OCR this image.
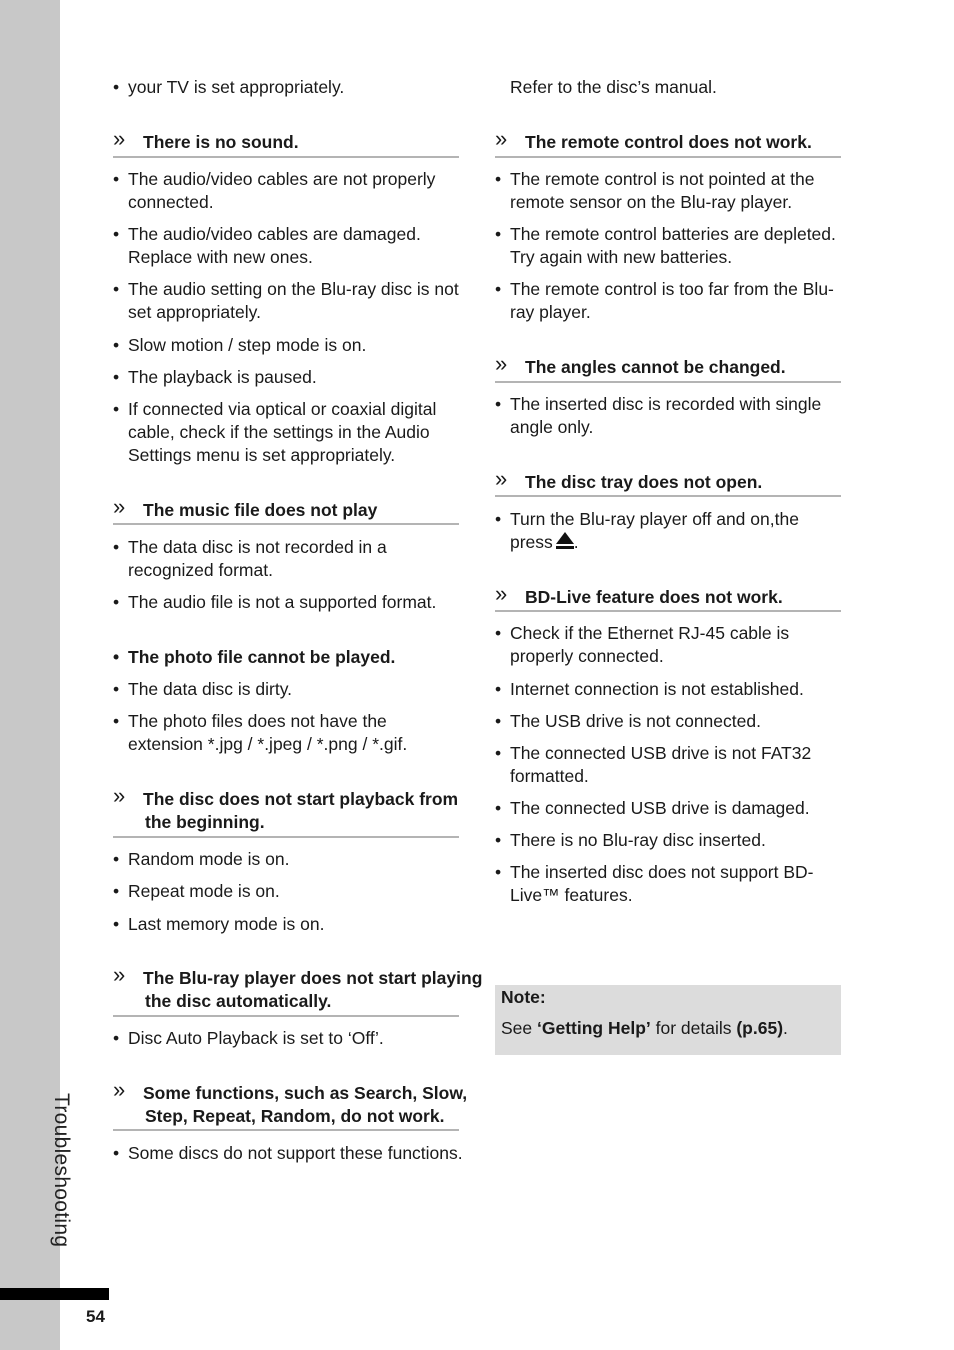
Troubleshooting
54
• your TV is set appropriately.
» There is no sound.
• The audio/video cables are not properly
connected.
• The audio/video cables are damaged.
Replace with new ones.
• The audio setting on the Blu-ray disc is not
set appropriately.
• Slow motion / step mode is on.
• The playback is paused.
• If connected via optical or coaxial digital
cable, check if the settings in the Audio
Settings menu is set appropriately.
» The music file does not play
• The data disc is not recorded in a
recognized format.
• The audio file is not a supported format.
• The photo file cannot be played.
• The data disc is dirty.
• The photo files does not have the
extension *.jpg / *.jpeg / *.png / *.gif.
» The disc does not start playback from
the beginning.
• Random mode is on.
• Repeat mode is on.
• Last memory mode is on.
» The Blu-ray player does not start playing
the disc automatically.
• Disc Auto Playback is set to ‘Off’.
» Some functions, such as Search, Slow,
Step, Repeat, Random, do not work.
• Some discs do not support these functions.
Refer to the disc’s manual.
» The remote control does not work.
• The remote control is not pointed at the
remote sensor on the Blu-ray player.
• The remote control batteries are depleted.
Try again with new batteries.
• The remote control is too far from the Blu-
ray player.
» The angles cannot be changed.
• The inserted disc is recorded with single
angle only.
» The disc tray does not open.
• Turn the Blu-ray player off and on,the
press .
» BD-Live feature does not work.
• Check if the Ethernet RJ-45 cable is
properly connected.
• Internet connection is not established.
• The USB drive is not connected.
• The connected USB drive is not FAT32
formatted.
• The connected USB drive is damaged.
• There is no Blu-ray disc inserted.
• The inserted disc does not support BD-
Live™ features.
Note:
See ‘Getting Help’ for details (p.65).
